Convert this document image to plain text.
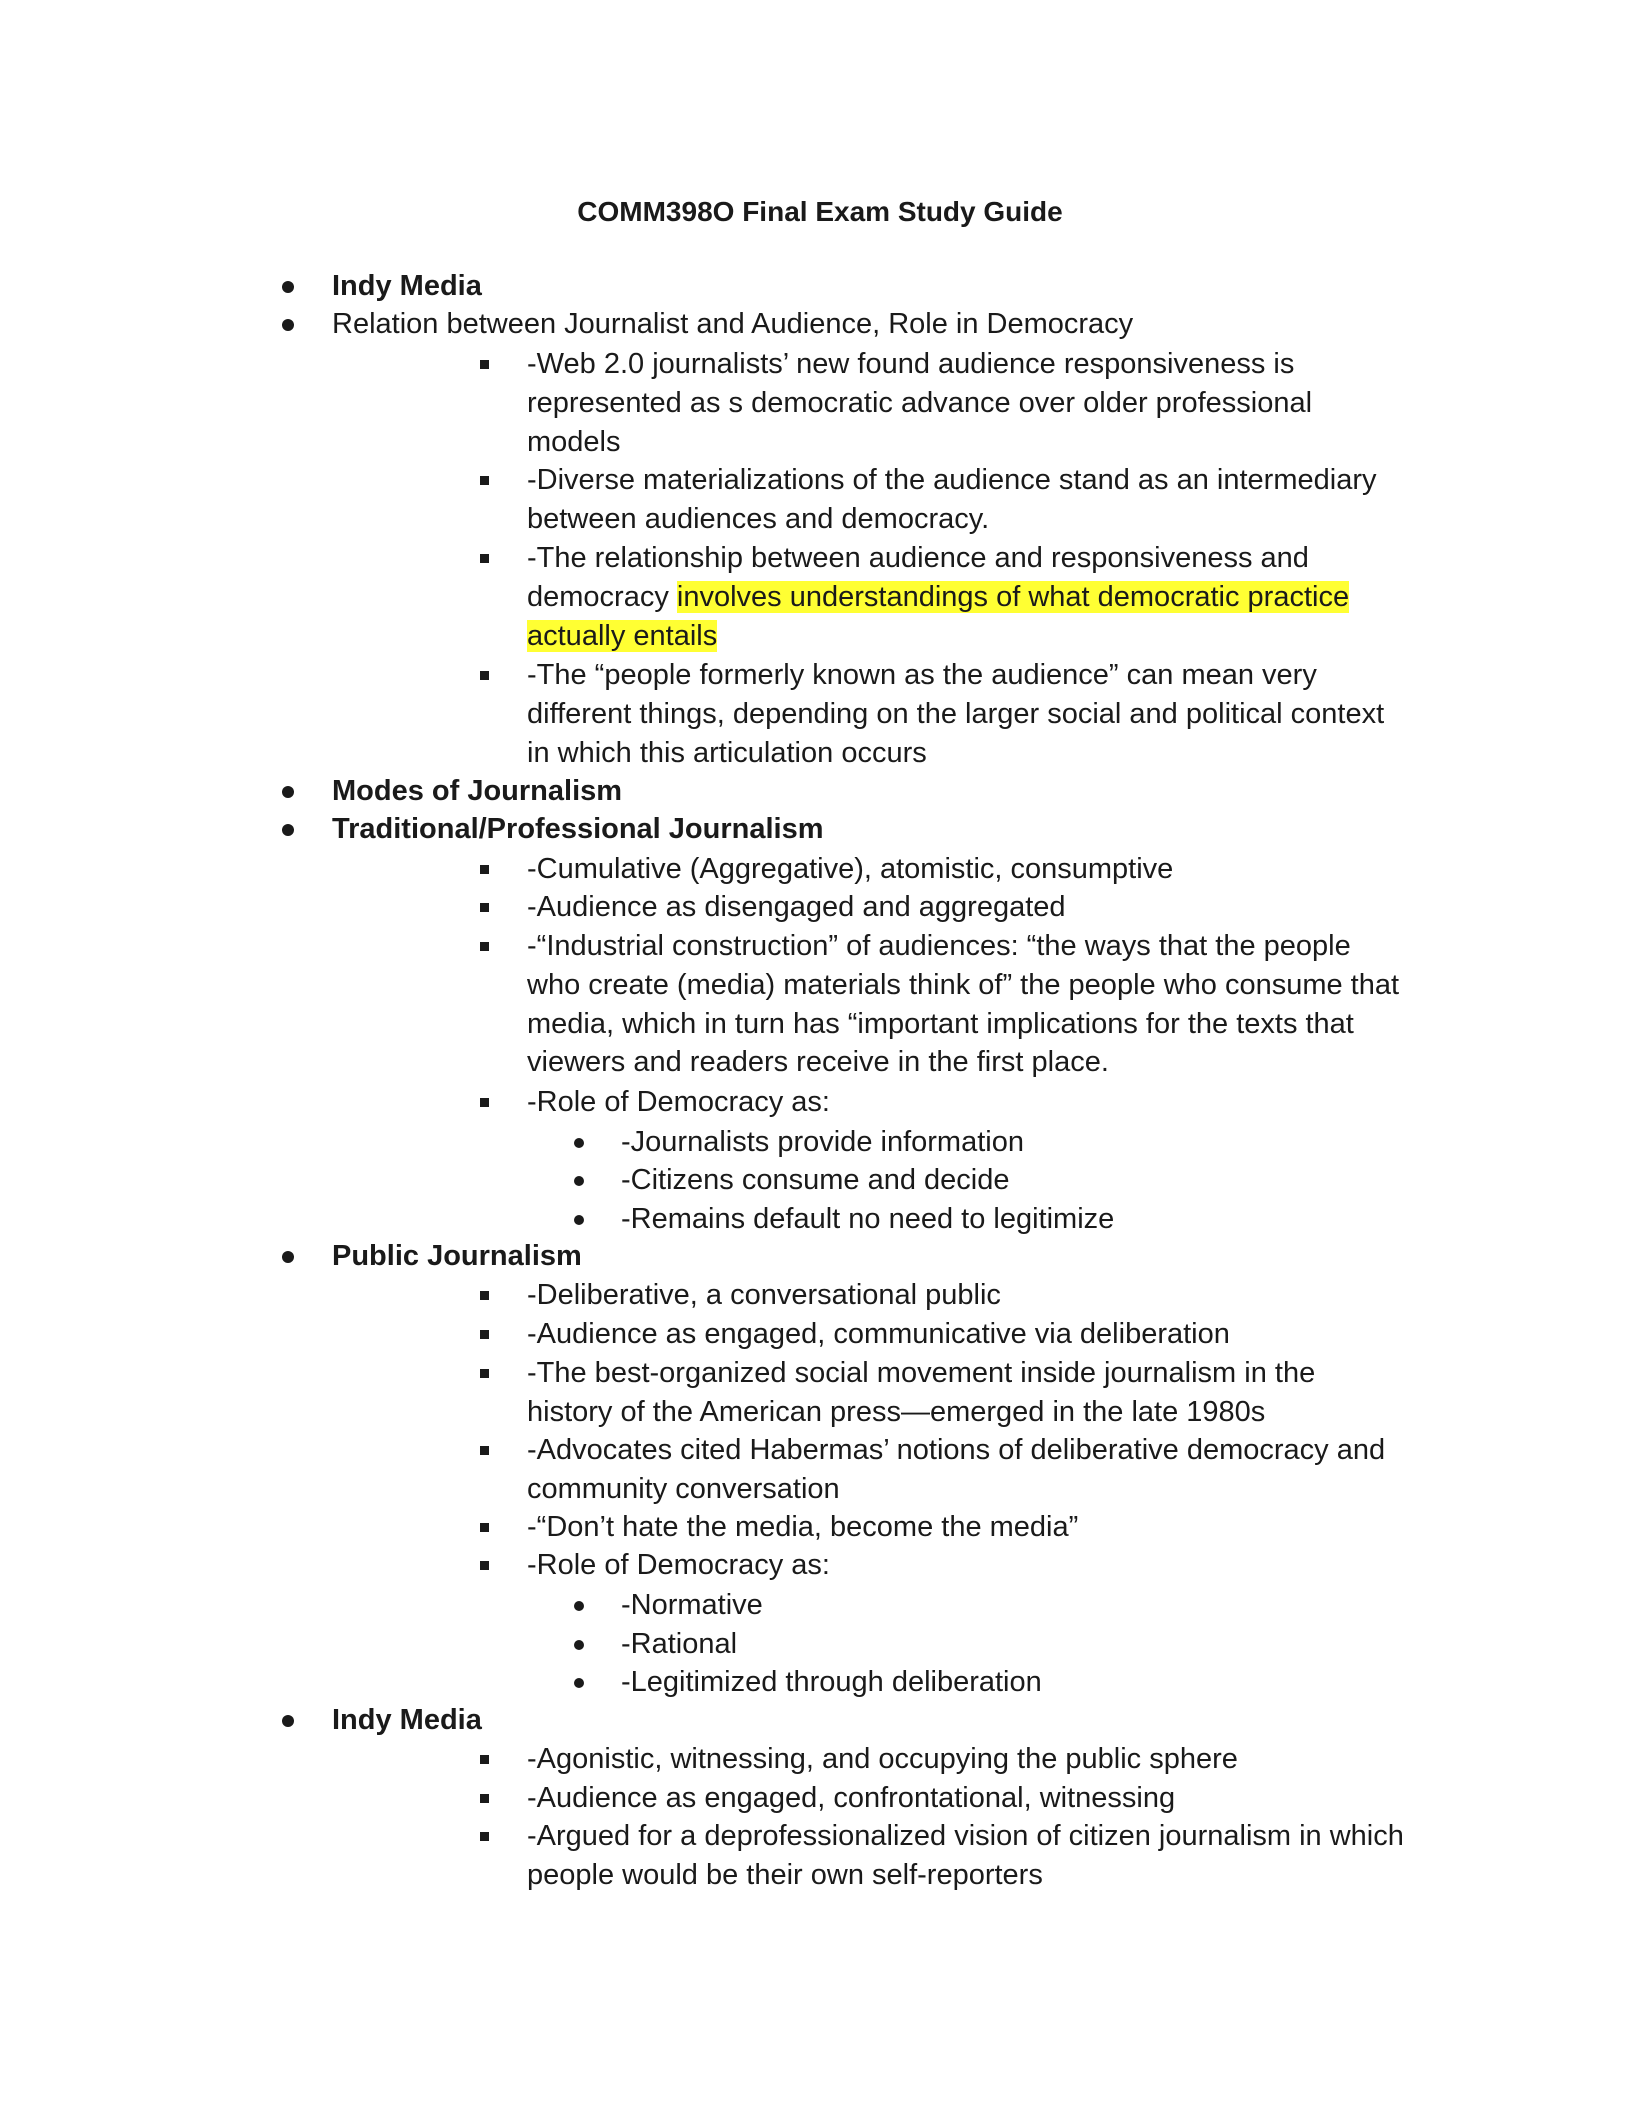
COMM398O Final Exam Study Guide
Indy Media
Relation between Journalist and Audience, Role in Democracy
-Web 2.0 journalists’ new found audience responsiveness is represented as s democratic advance over older professional models
-Diverse materializations of the audience stand as an intermediary between audiences and democracy.
-The relationship between audience and responsiveness and democracy involves understandings of what democratic practice actually entails
-The “people formerly known as the audience” can mean very different things, depending on the larger social and political context in which this articulation occurs
Modes of Journalism
Traditional/Professional Journalism
-Cumulative (Aggregative), atomistic, consumptive
-Audience as disengaged and aggregated
-“Industrial construction” of audiences: “the ways that the people who create (media) materials think of” the people who consume that media, which in turn has “important implications for the texts that viewers and readers receive in the first place.
-Role of Democracy as:
-Journalists provide information
-Citizens consume and decide
-Remains default no need to legitimize
Public Journalism
-Deliberative, a conversational public
-Audience as engaged, communicative via deliberation
-The best-organized social movement inside journalism in the history of the American press—emerged in the late 1980s
-Advocates cited Habermas’ notions of deliberative democracy and community conversation
-“Don’t hate the media, become the media”
-Role of Democracy as:
-Normative
-Rational
-Legitimized through deliberation
Indy Media
-Agonistic, witnessing, and occupying the public sphere
-Audience as engaged, confrontational, witnessing
-Argued for a deprofessionalized vision of citizen journalism in which people would be their own self-reporters
